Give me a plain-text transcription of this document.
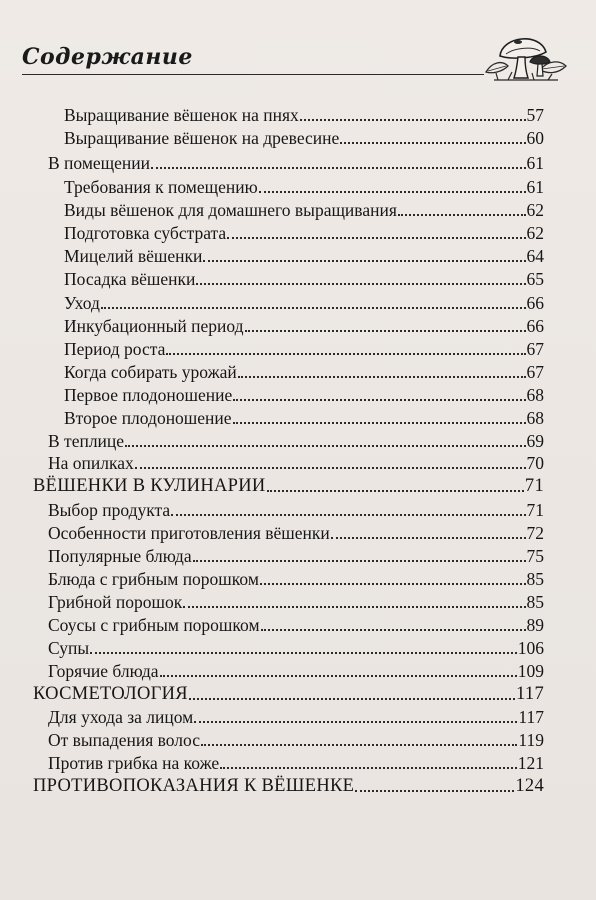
Содержание
Выращивание вёшенок на пнях	57
Выращивание вёшенок на древесине	60
В помещении	61
Требования к помещению	61
Виды вёшенок для домашнего выращивания	62
Подготовка субстрата	62
Мицелий вёшенки	64
Посадка вёшенки	65
Уход	66
Инкубационный период	66
Период роста	67
Когда собирать урожай	67
Первое плодоношение	68
Второе плодоношение	68
В теплице	69
На опилках	70
ВЁШЕНКИ В КУЛИНАРИИ	71
Выбор продукта	71
Особенности приготовления вёшенки	72
Популярные блюда	75
Блюда с грибным порошком	85
Грибной порошок	85
Соусы с грибным порошком	89
Супы	106
Горячие блюда	109
КОСМЕТОЛОГИЯ	117
Для ухода за лицом	117
От выпадения волос	119
Против грибка на коже	121
ПРОТИВОПОКАЗАНИЯ К ВЁШЕНКЕ	124
